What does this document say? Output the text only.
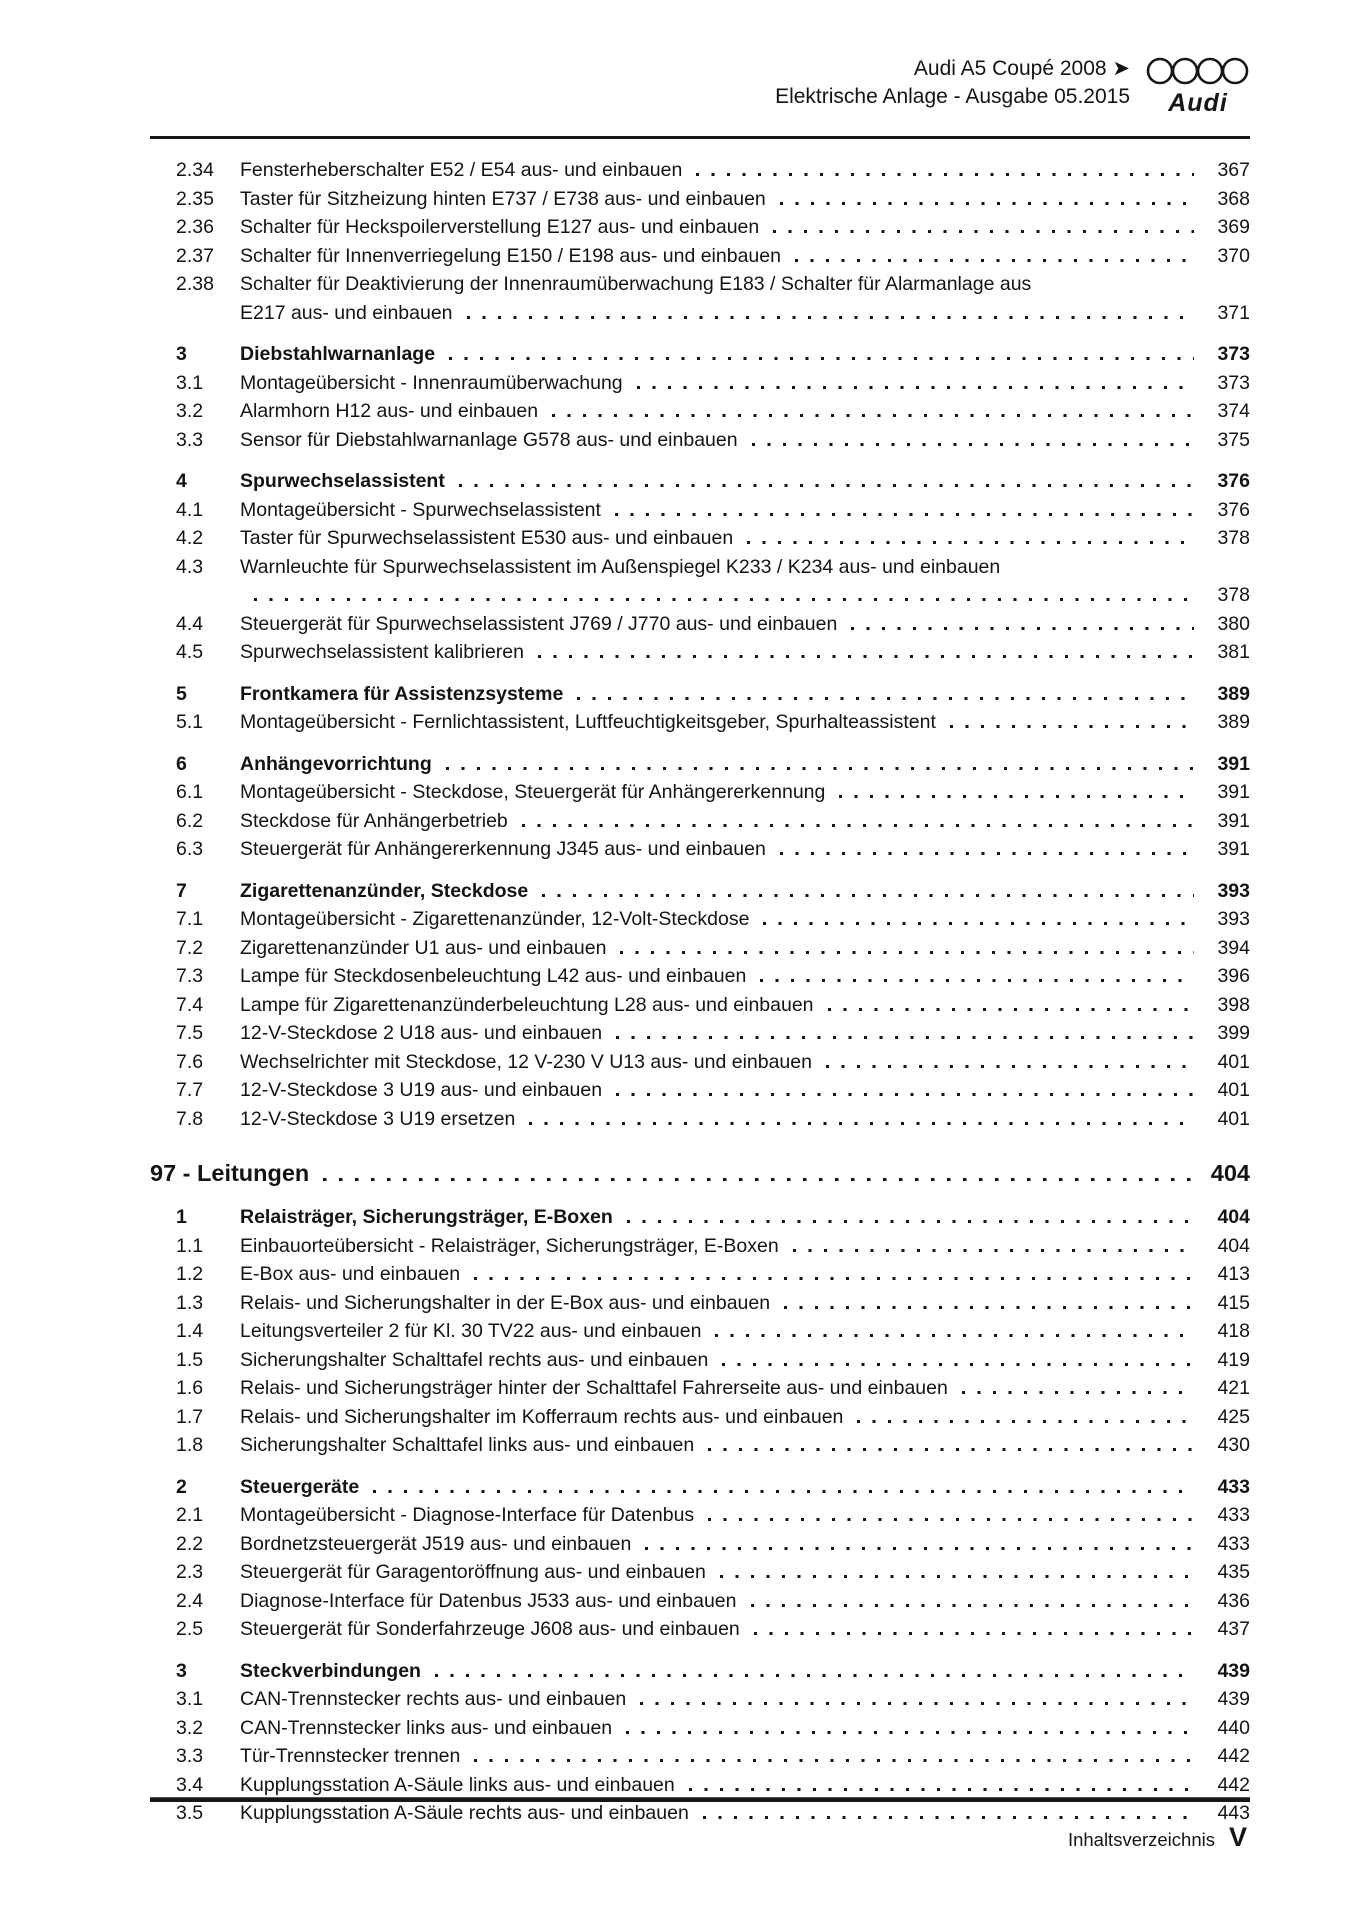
Audi A5 Coupé 2008 ➤
Elektrische Anlage - Ausgabe 05.2015 Audi
2.34	Fensterheberschalter E52 / E54 aus- und einbauen	367
2.35	Taster für Sitzheizung hinten E737 / E738 aus- und einbauen	368
2.36	Schalter für Heckspoilerverstellung E127 aus- und einbauen	369
2.37	Schalter für Innenverriegelung E150 / E198 aus- und einbauen	370
2.38	Schalter für Deaktivierung der Innenraumüberwachung E183 / Schalter für Alarmanlage aus
E217 aus- und einbauen	371
3	Diebstahlwarnanlage	373
3.1	Montageübersicht - Innenraumüberwachung	373
3.2	Alarmhorn H12 aus- und einbauen	374
3.3	Sensor für Diebstahlwarnanlage G578 aus- und einbauen	375
4	Spurwechselassistent	376
4.1	Montageübersicht - Spurwechselassistent	376
4.2	Taster für Spurwechselassistent E530 aus- und einbauen	378
4.3	Warnleuchte für Spurwechselassistent im Außenspiegel K233 / K234 aus- und einbauen
378
4.4	Steuergerät für Spurwechselassistent J769 / J770 aus- und einbauen	380
4.5	Spurwechselassistent kalibrieren	381
5	Frontkamera für Assistenzsysteme	389
5.1	Montageübersicht - Fernlichtassistent, Luftfeuchtigkeitsgeber, Spurhalteassistent	389
6	Anhängevorrichtung	391
6.1	Montageübersicht - Steckdose, Steuergerät für Anhängererkennung	391
6.2	Steckdose für Anhängerbetrieb	391
6.3	Steuergerät für Anhängererkennung J345 aus- und einbauen	391
7	Zigarettenanzünder, Steckdose	393
7.1	Montageübersicht - Zigarettenanzünder, 12-Volt-Steckdose	393
7.2	Zigarettenanzünder U1 aus- und einbauen	394
7.3	Lampe für Steckdosenbeleuchtung L42 aus- und einbauen	396
7.4	Lampe für Zigarettenanzünderbeleuchtung L28 aus- und einbauen	398
7.5	12-V-Steckdose 2 U18 aus- und einbauen	399
7.6	Wechselrichter mit Steckdose, 12 V-230 V U13 aus- und einbauen	401
7.7	12-V-Steckdose 3 U19 aus- und einbauen	401
7.8	12-V-Steckdose 3 U19 ersetzen	401
97 - Leitungen	404
1	Relaisträger, Sicherungsträger, E-Boxen	404
1.1	Einbauorteübersicht - Relaisträger, Sicherungsträger, E-Boxen	404
1.2	E-Box aus- und einbauen	413
1.3	Relais- und Sicherungshalter in der E-Box aus- und einbauen	415
1.4	Leitungsverteiler 2 für Kl. 30 TV22 aus- und einbauen	418
1.5	Sicherungshalter Schalttafel rechts aus- und einbauen	419
1.6	Relais- und Sicherungsträger hinter der Schalttafel Fahrerseite aus- und einbauen	421
1.7	Relais- und Sicherungshalter im Kofferraum rechts aus- und einbauen	425
1.8	Sicherungshalter Schalttafel links aus- und einbauen	430
2	Steuergeräte	433
2.1	Montageübersicht - Diagnose-Interface für Datenbus	433
2.2	Bordnetzsteuergerät J519 aus- und einbauen	433
2.3	Steuergerät für Garagentoröffnung aus- und einbauen	435
2.4	Diagnose-Interface für Datenbus J533 aus- und einbauen	436
2.5	Steuergerät für Sonderfahrzeuge J608 aus- und einbauen	437
3	Steckverbindungen	439
3.1	CAN-Trennstecker rechts aus- und einbauen	439
3.2	CAN-Trennstecker links aus- und einbauen	440
3.3	Tür-Trennstecker trennen	442
3.4	Kupplungsstation A-Säule links aus- und einbauen	442
3.5	Kupplungsstation A-Säule rechts aus- und einbauen	443
Inhaltsverzeichnis V
